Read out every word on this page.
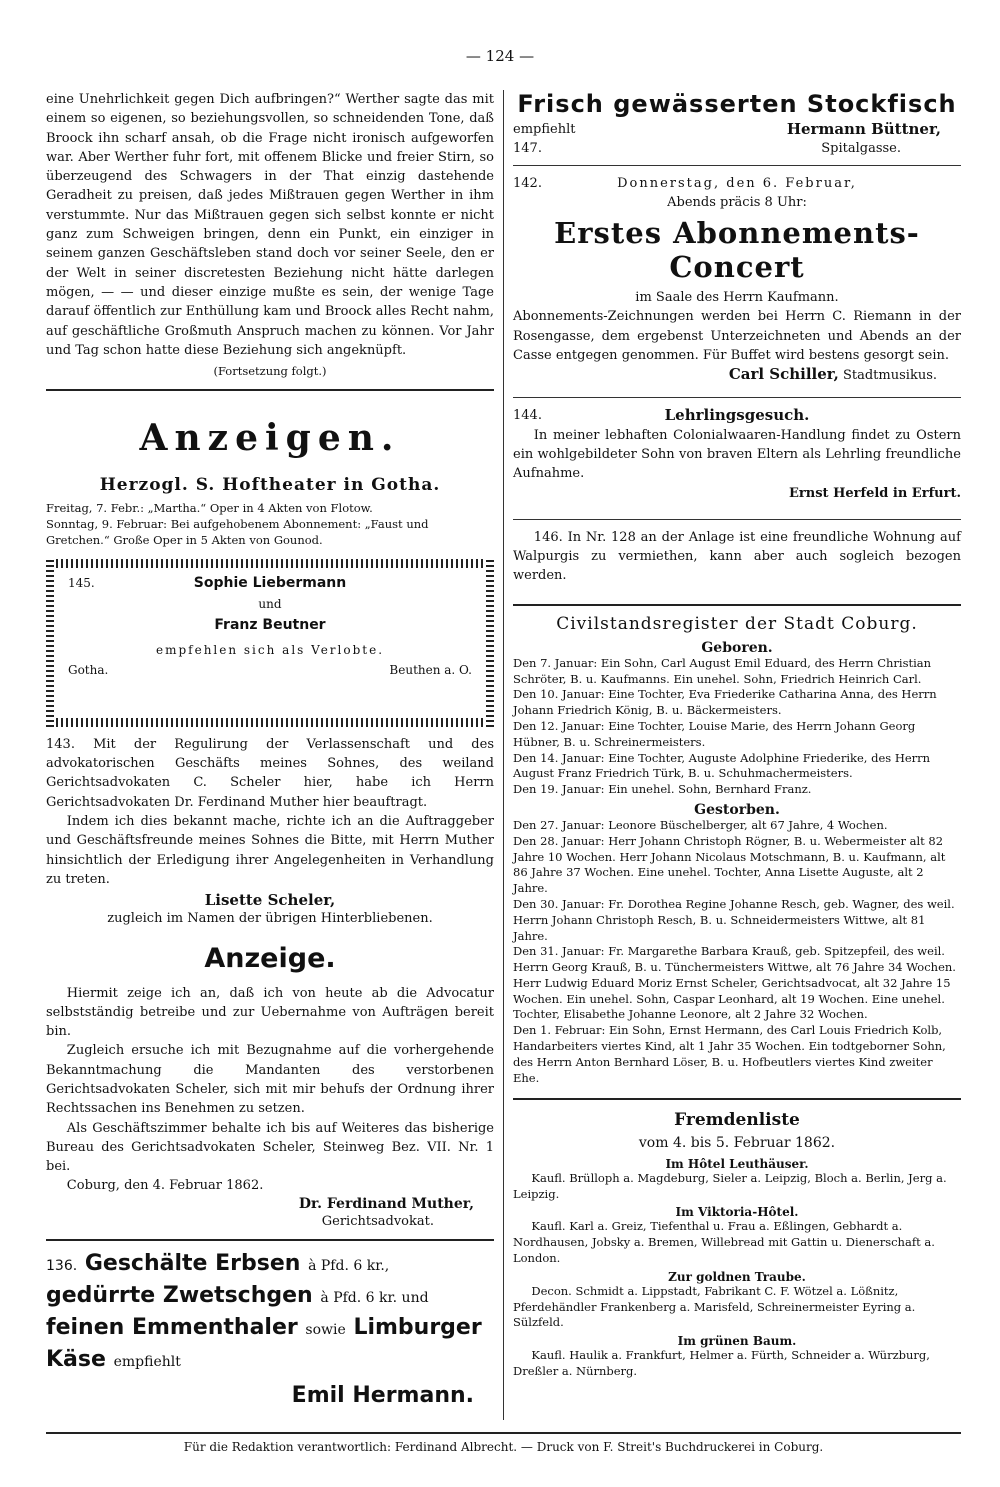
— 124 —

eine Unehrlichkeit gegen Dich aufbringen?“ Werther sagte das mit einem so eigenen, so beziehungsvollen, so schneidenden Tone, daß Broock ihn scharf ansah, ob die Frage nicht ironisch aufgeworfen war. Aber Werther fuhr fort, mit offenem Blicke und freier Stirn, so überzeugend des Schwagers in der That einzig dastehende Geradheit zu preisen, daß jedes Mißtrauen gegen Werther in ihm verstummte. Nur das Mißtrauen gegen sich selbst konnte er nicht ganz zum Schweigen bringen, denn ein Punkt, ein einziger in seinem ganzen Geschäftsleben stand doch vor seiner Seele, den er der Welt in seiner discretesten Beziehung nicht hätte darlegen mögen, — — und dieser einzige mußte es sein, der wenige Tage darauf öffentlich zur Enthüllung kam und Broock alles Recht nahm, auf geschäftliche Großmuth Anspruch machen zu können. Vor Jahr und Tag schon hatte diese Beziehung sich angeknüpft.

(Fortsetzung folgt.)

Anzeigen.
Herzogl. S. Hoftheater in Gotha.

Freitag, 7. Febr.: „Martha.“ Oper in 4 Akten von Flotow.

Sonntag, 9. Februar: Bei aufgehobenem Abonnement: „Faust und Gretchen.“ Große Oper in 5 Akten von Gounod.

145.	Sophie Liebermann
und
Franz Beutner
empfehlen sich als Verlobte.
Gotha.	Beuthen a. O.

143. Mit der Regulirung der Verlassenschaft und des advokatorischen Geschäfts meines Sohnes, des weiland Gerichtsadvokaten C. Scheler hier, habe ich Herrn Gerichtsadvokaten Dr. Ferdinand Muther hier beauftragt.

Indem ich dies bekannt mache, richte ich an die Auftraggeber und Geschäftsfreunde meines Sohnes die Bitte, mit Herrn Muther hinsichtlich der Erledigung ihrer Angelegenheiten in Verhandlung zu treten.

Lisette Scheler,

zugleich im Namen der übrigen Hinterbliebenen.

Anzeige.

Hiermit zeige ich an, daß ich von heute ab die Advocatur selbstständig betreibe und zur Uebernahme von Aufträgen bereit bin.

Zugleich ersuche ich mit Bezugnahme auf die vorhergehende Bekanntmachung die Mandanten des verstorbenen Gerichtsadvokaten Scheler, sich mit mir behufs der Ordnung ihrer Rechtssachen ins Benehmen zu setzen.

Als Geschäftszimmer behalte ich bis auf Weiteres das bisherige Bureau des Gerichtsadvokaten Scheler, Steinweg Bez. VII. Nr. 1 bei.

Coburg, den 4. Februar 1862.

Dr. Ferdinand Muther,

Gerichtsadvokat.

136. Geschälte Erbsen à Pfd. 6 kr.,
gedürrte Zwetschgen à Pfd. 6 kr. und
feinen Emmenthaler sowie Limburger Käse empfiehlt
Emil Hermann.
Frisch gewässerten Stockfisch
empfiehlt	Hermann Büttner,
147.	Spitalgasse.
142.	Donnerstag, den 6. Februar,

Abends präcis 8 Uhr:

Erstes Abonnements-Concert

im Saale des Herrn Kaufmann.

Abonnements-Zeichnungen werden bei Herrn C. Riemann in der Rosengasse, dem ergebenst Unterzeichneten und Abends an der Casse entgegen genommen. Für Buffet wird bestens gesorgt sein.

Carl Schiller, Stadtmusikus.

144.	Lehrlingsgesuch.

In meiner lebhaften Colonialwaaren-Handlung findet zu Ostern ein wohlgebildeter Sohn von braven Eltern als Lehrling freundliche Aufnahme.

Ernst Herfeld in Erfurt.

146. In Nr. 128 an der Anlage ist eine freundliche Wohnung auf Walpurgis zu vermiethen, kann aber auch sogleich bezogen werden.

Civilstandsregister der Stadt Coburg.
Geboren.

Den 7. Januar: Ein Sohn, Carl August Emil Eduard, des Herrn Christian Schröter, B. u. Kaufmanns. Ein unehel. Sohn, Friedrich Heinrich Carl.

Den 10. Januar: Eine Tochter, Eva Friederike Catharina Anna, des Herrn Johann Friedrich König, B. u. Bäckermeisters.

Den 12. Januar: Eine Tochter, Louise Marie, des Herrn Johann Georg Hübner, B. u. Schreinermeisters.

Den 14. Januar: Eine Tochter, Auguste Adolphine Friederike, des Herrn August Franz Friedrich Türk, B. u. Schuhmachermeisters.

Den 19. Januar: Ein unehel. Sohn, Bernhard Franz.

Gestorben.

Den 27. Januar: Leonore Büschelberger, alt 67 Jahre, 4 Wochen.

Den 28. Januar: Herr Johann Christoph Rögner, B. u. Webermeister alt 82 Jahre 10 Wochen. Herr Johann Nicolaus Motschmann, B. u. Kaufmann, alt 86 Jahre 37 Wochen. Eine unehel. Tochter, Anna Lisette Auguste, alt 2 Jahre.

Den 30. Januar: Fr. Dorothea Regine Johanne Resch, geb. Wagner, des weil. Herrn Johann Christoph Resch, B. u. Schneidermeisters Wittwe, alt 81 Jahre.

Den 31. Januar: Fr. Margarethe Barbara Krauß, geb. Spitzepfeil, des weil. Herrn Georg Krauß, B. u. Tünchermeisters Wittwe, alt 76 Jahre 34 Wochen. Herr Ludwig Eduard Moriz Ernst Scheler, Gerichtsadvocat, alt 32 Jahre 15 Wochen. Ein unehel. Sohn, Caspar Leonhard, alt 19 Wochen. Eine unehel. Tochter, Elisabethe Johanne Leonore, alt 2 Jahre 32 Wochen.

Den 1. Februar: Ein Sohn, Ernst Hermann, des Carl Louis Friedrich Kolb, Handarbeiters viertes Kind, alt 1 Jahr 35 Wochen. Ein todtgeborner Sohn, des Herrn Anton Bernhard Löser, B. u. Hofbeutlers viertes Kind zweiter Ehe.

Fremdenliste

vom 4. bis 5. Februar 1862.

Im Hôtel Leuthäuser.

Kaufl. Brülloph a. Magdeburg, Sieler a. Leipzig, Bloch a. Berlin, Jerg a. Leipzig.

Im Viktoria-Hôtel.

Kaufl. Karl a. Greiz, Tiefenthal u. Frau a. Eßlingen, Gebhardt a. Nordhausen, Jobsky a. Bremen, Willebread mit Gattin u. Dienerschaft a. London.

Zur goldnen Traube.

Decon. Schmidt a. Lippstadt, Fabrikant C. F. Wötzel a. Lößnitz, Pferdehändler Frankenberg a. Marisfeld, Schreinermeister Eyring a. Sülzfeld.

Im grünen Baum.

Kaufl. Haulik a. Frankfurt, Helmer a. Fürth, Schneider a. Würzburg, Dreßler a. Nürnberg.

Für die Redaktion verantwortlich: Ferdinand Albrecht. — Druck von F. Streit's Buchdruckerei in Coburg.
